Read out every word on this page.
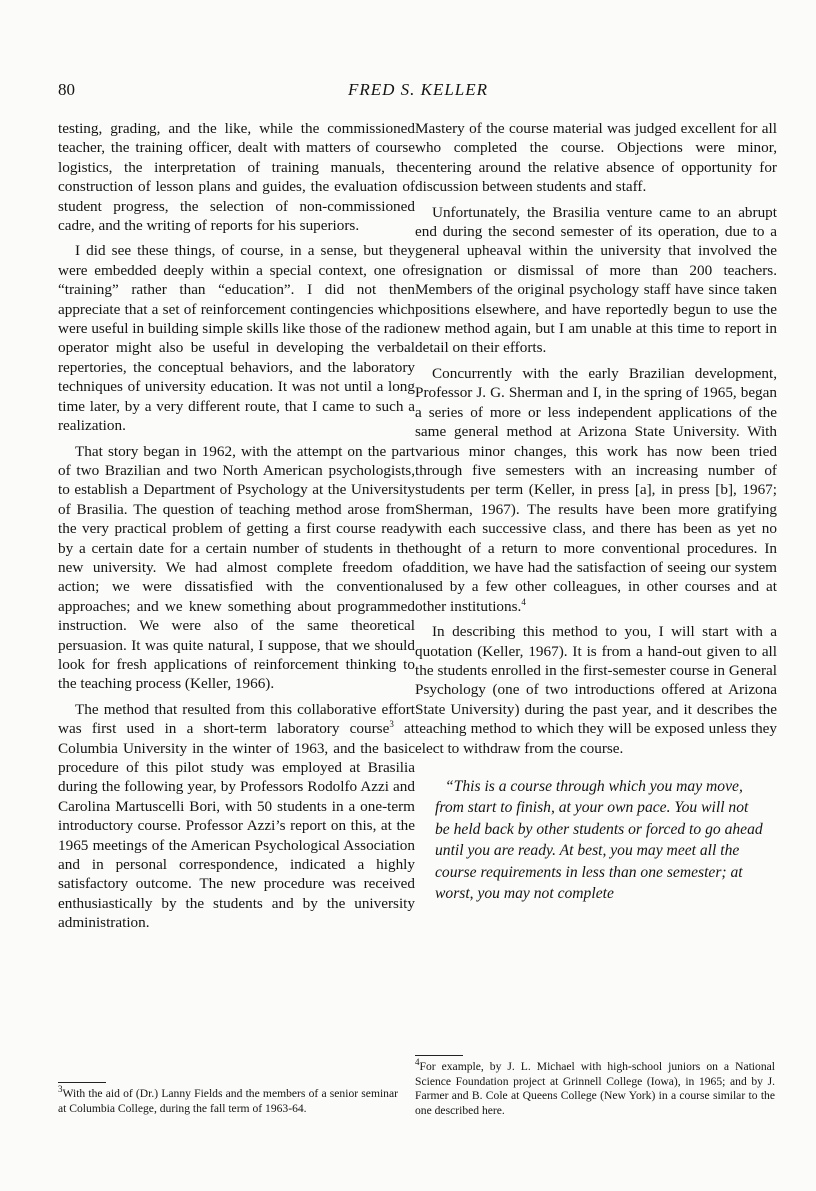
80	FRED S. KELLER

testing, grading, and the like, while the commissioned teacher, the training officer, dealt with matters of course logistics, the interpretation of training manuals, the construction of lesson plans and guides, the evaluation of student progress, the selection of non-commissioned cadre, and the writing of reports for his superiors.

I did see these things, of course, in a sense, but they were embedded deeply within a special context, one of “training” rather than “education”. I did not then appreciate that a set of reinforcement contingencies which were useful in building simple skills like those of the radio operator might also be useful in developing the verbal repertories, the conceptual behaviors, and the laboratory techniques of university education. It was not until a long time later, by a very different route, that I came to such a realization.

That story began in 1962, with the attempt on the part of two Brazilian and two North American psychologists, to establish a Department of Psychology at the University of Brasilia. The question of teaching method arose from the very practical problem of getting a first course ready by a certain date for a certain number of students in the new university. We had almost complete freedom of action; we were dissatisfied with the conventional approaches; and we knew something about programmed instruction. We were also of the same theoretical persuasion. It was quite natural, I suppose, that we should look for fresh applications of reinforcement thinking to the teaching process (Keller, 1966).

The method that resulted from this collaborative effort was first used in a short-term laboratory course$^3$ at Columbia University in the winter of 1963, and the basic procedure of this pilot study was employed at Brasilia during the following year, by Professors Rodolfo Azzi and Carolina Martuscelli Bori, with 50 students in a one-term introductory course. Professor Azzi’s report on this, at the 1965 meetings of the American Psychological Association and in personal correspondence, indicated a highly satisfactory outcome. The new procedure was received enthusiastically by the students and by the university administration.

Mastery of the course material was judged excellent for all who completed the course. Objections were minor, centering around the relative absence of opportunity for discussion between students and staff.

Unfortunately, the Brasilia venture came to an abrupt end during the second semester of its operation, due to a general upheaval within the university that involved the resignation or dismissal of more than 200 teachers. Members of the original psychology staff have since taken positions elsewhere, and have reportedly begun to use the new method again, but I am unable at this time to report in detail on their efforts.

Concurrently with the early Brazilian development, Professor J. G. Sherman and I, in the spring of 1965, began a series of more or less independent applications of the same general method at Arizona State University. With various minor changes, this work has now been tried through five semesters with an increasing number of students per term (Keller, in press [a], in press [b], 1967; Sherman, 1967). The results have been more gratifying with each successive class, and there has been as yet no thought of a return to more conventional procedures. In addition, we have had the satisfaction of seeing our system used by a few other colleagues, in other courses and at other institutions.$^4$

In describing this method to you, I will start with a quotation (Keller, 1967). It is from a hand-out given to all the students enrolled in the first-semester course in General Psychology (one of two introductions offered at Arizona State University) during the past year, and it describes the teaching method to which they will be exposed unless they elect to withdraw from the course.

“This is a course through which you may move, from start to finish, at your own pace. You will not be held back by other students or forced to go ahead until you are ready. At best, you may meet all the course requirements in less than one semester; at worst, you may not complete

$^3$With the aid of (Dr.) Lanny Fields and the members of a senior seminar at Columbia College, during the fall term of 1963-64.
$^4$For example, by J. L. Michael with high-school juniors on a National Science Foundation project at Grinnell College (Iowa), in 1965; and by J. Farmer and B. Cole at Queens College (New York) in a course similar to the one described here.
